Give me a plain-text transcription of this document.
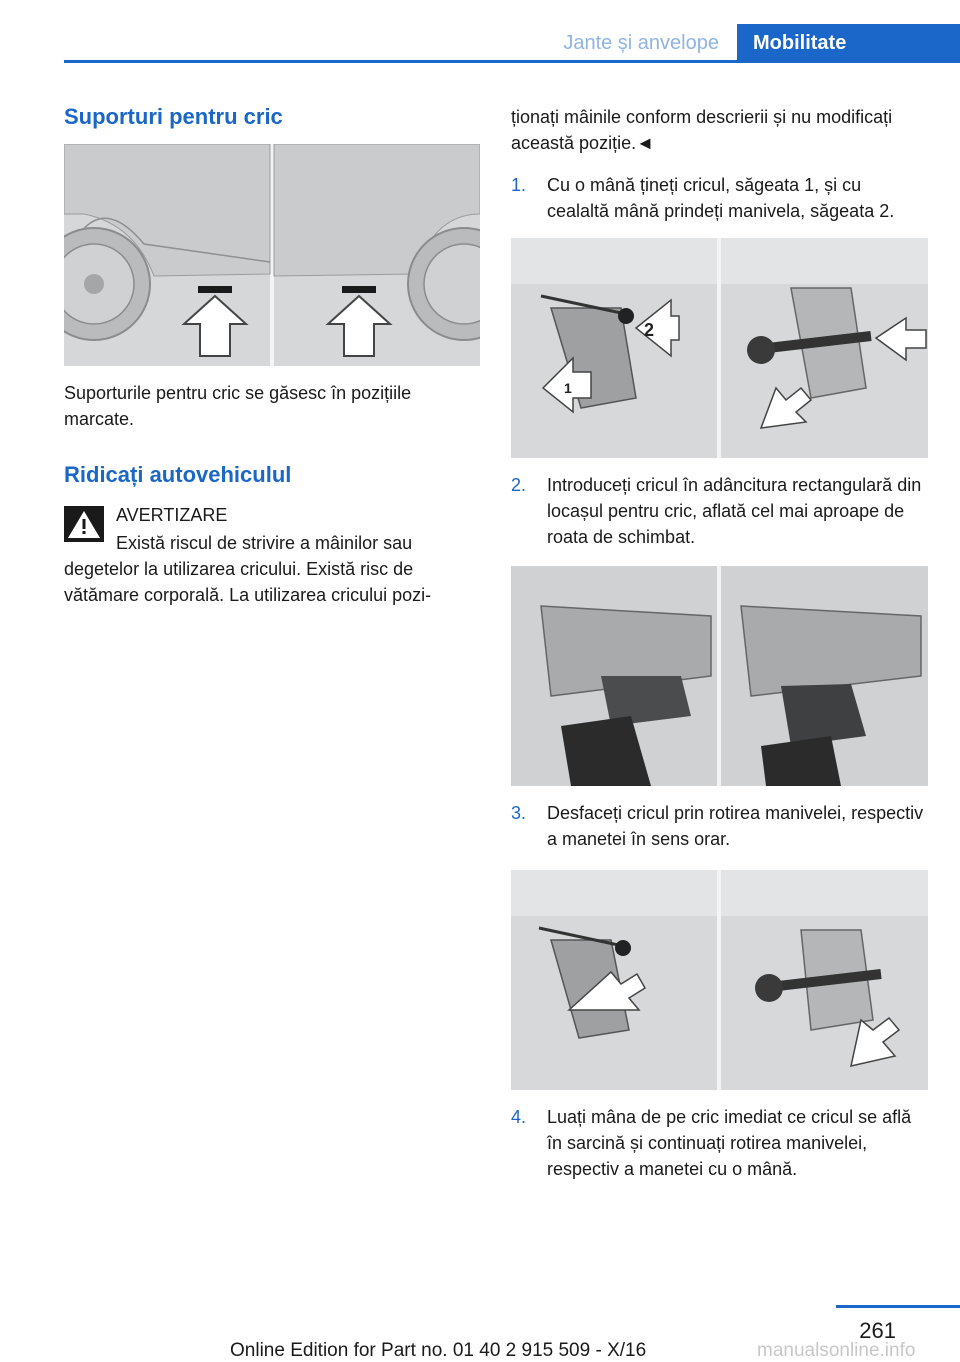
Jante și anvelope	Mobilitate
Suporturi pentru cric

Suporturile pentru cric se găsesc în pozițiile marcate.

Ridicați autovehiculul
AVERTIZARE
Există riscul de strivire a mâinilor sau degetelor la utilizarea cricului. Există risc de vătămare corporală. La utilizarea cricului pozi-

ționați mâinile conform descrierii și nu modificați această poziție.◄

1. Cu o mână țineți cricul, săgeata 1, și cu cealaltă mână prindeți manivela, săgeata 2.
1
2
2. Introduceți cricul în adâncitura rectangulară din locașul pentru cric, aflată cel mai aproape de roata de schimbat.
3. Desfaceți cricul prin rotirea manivelei, respectiv a manetei în sens orar.
4. Luați mâna de pe cric imediat ce cricul se află în sarcină și continuați rotirea manivelei, respectiv a manetei cu o mână.
261
Online Edition for Part no. 01 40 2 915 509 - X/16	manualsonline.info
